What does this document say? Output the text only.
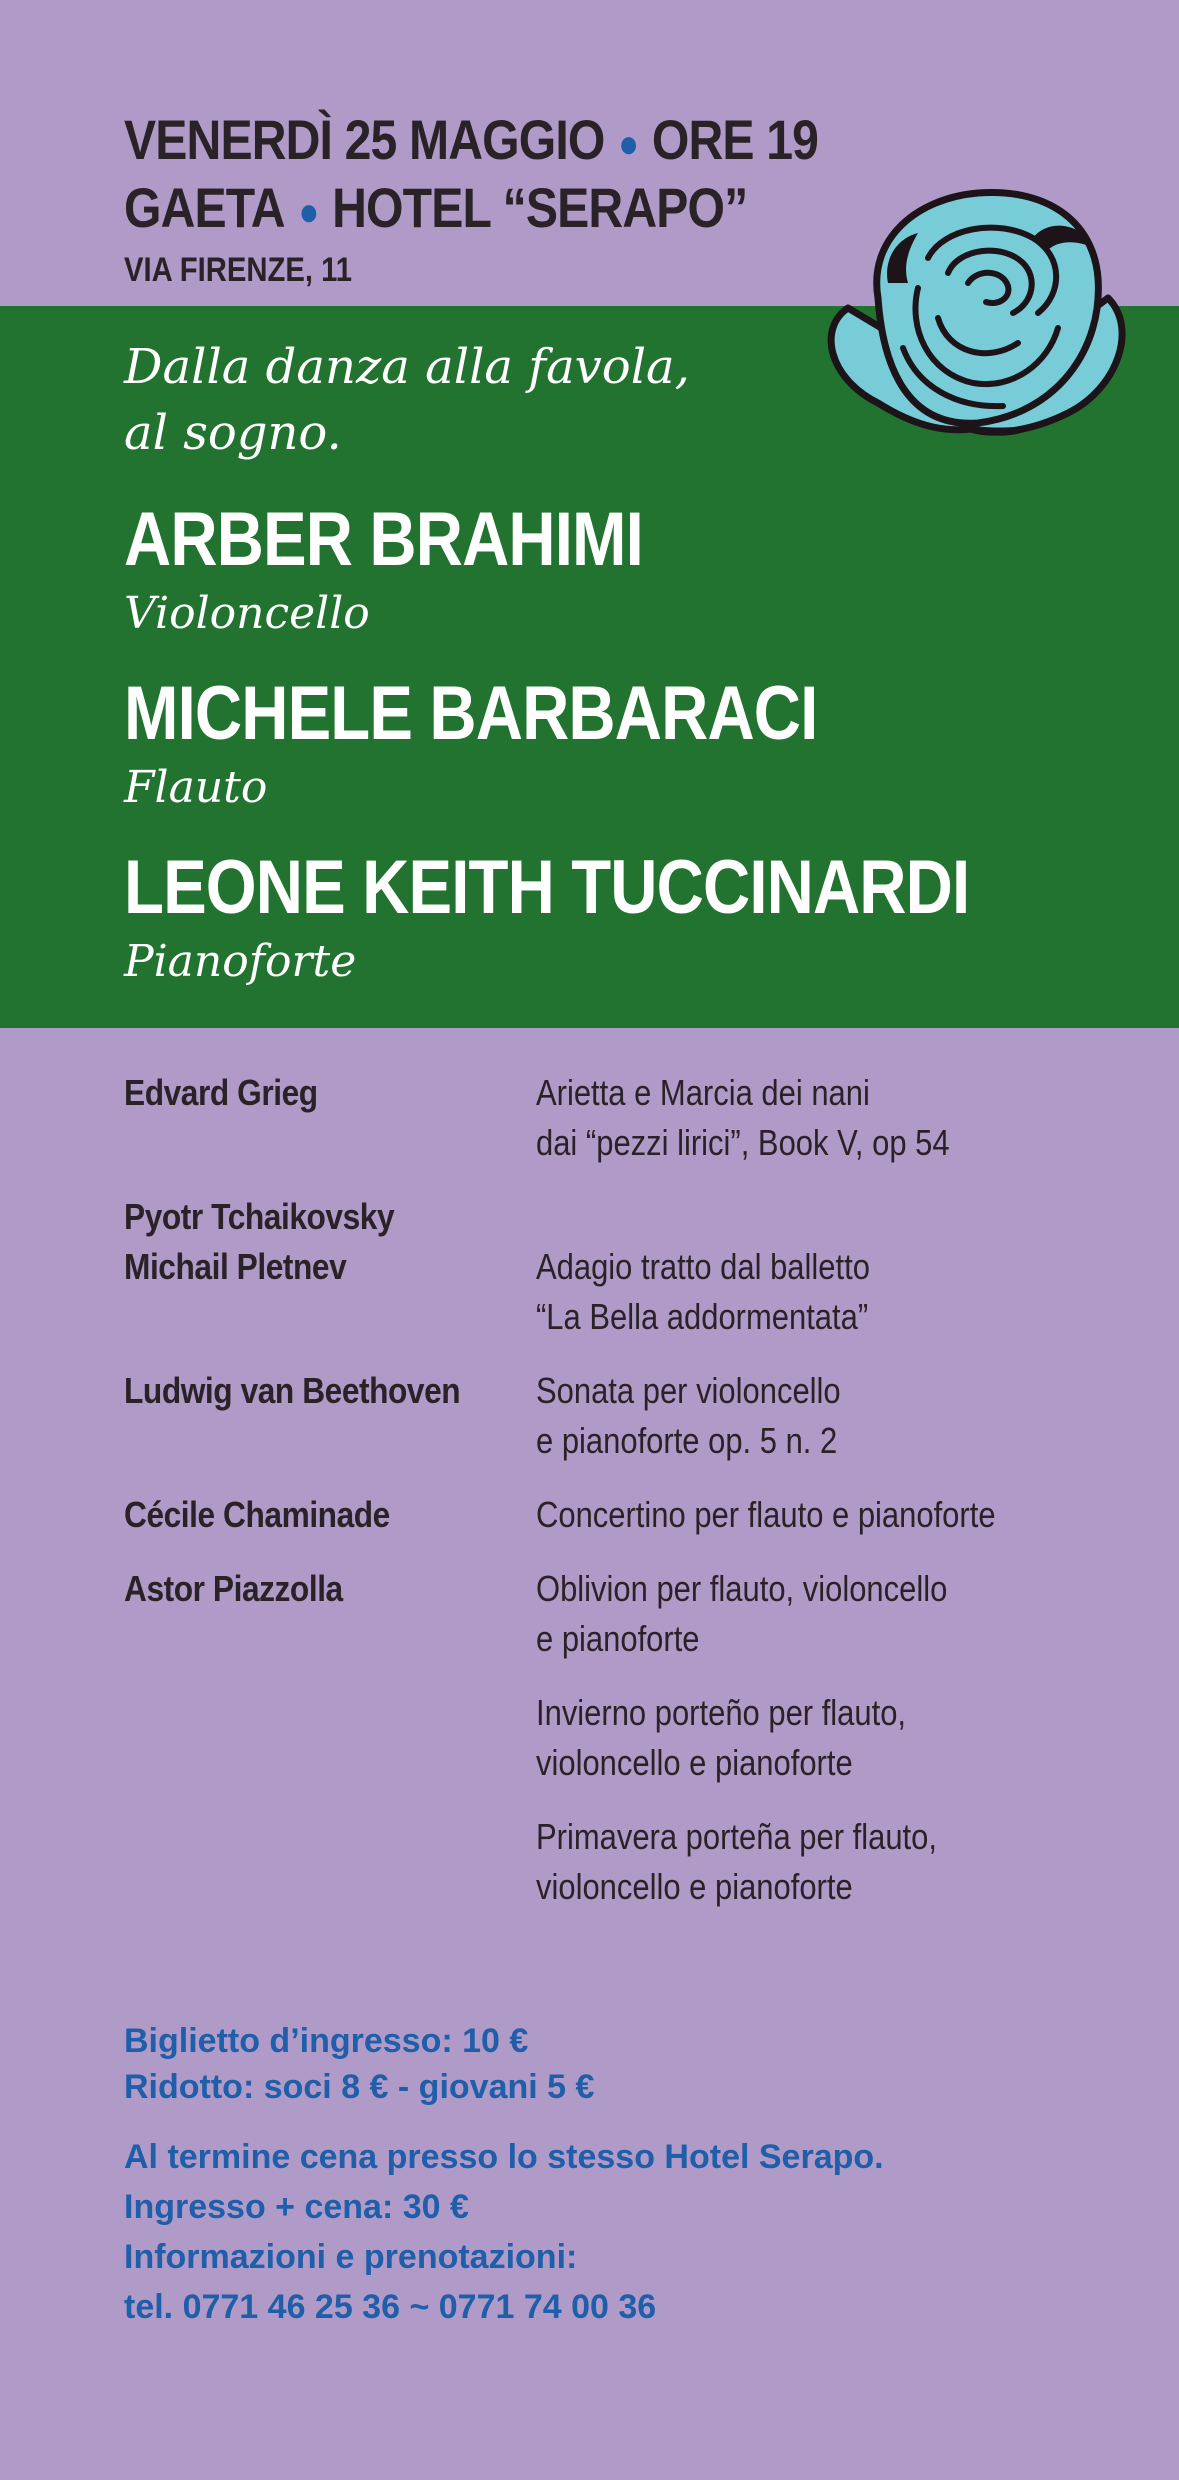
VENERDÌ 25 MAGGIO ● ORE 19
GAETA ● HOTEL “SERAPO”
VIA FIRENZE, 11
Dalla danza alla favola,
al sogno.
ARBER BRAHIMI
Violoncello
MICHELE BARBARACI
Flauto
LEONE KEITH TUCCINARDI
Pianoforte
Edvard Grieg	Arietta e Marcia dei nani
dai “pezzi lirici”, Book V, op 54
Pyotr Tchaikovsky
Michail Pletnev	Adagio tratto dal balletto
“La Bella addormentata”
Ludwig van Beethoven	Sonata per violoncello
e pianoforte op. 5 n. 2
Cécile Chaminade	Concertino per flauto e pianoforte
Astor Piazzolla	Oblivion per flauto, violoncello
e pianoforte
Invierno porteño per flauto,
violoncello e pianoforte
Primavera porteña per flauto,
violoncello e pianoforte
Biglietto d’ingresso: 10 €
Ridotto: soci 8 € - giovani 5 €
Al termine cena presso lo stesso Hotel Serapo.
Ingresso + cena: 30 €
Informazioni e prenotazioni:
tel. 0771 46 25 36 ~ 0771 74 00 36
